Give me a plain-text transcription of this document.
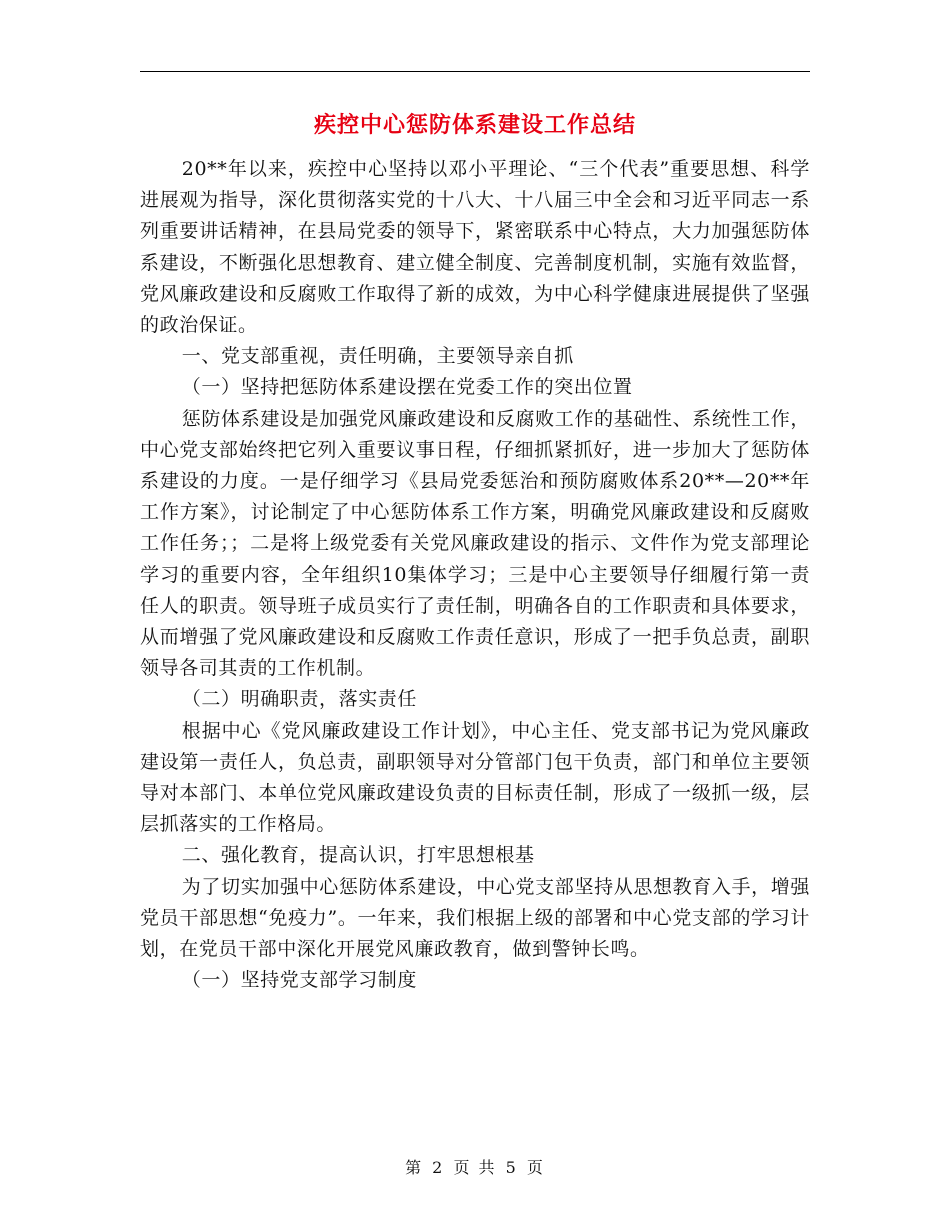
疾控中心惩防体系建设工作总结

20**年以来，疾控中心坚持以邓小平理论、“三个代表”重要思想、科学进展观为指导，深化贯彻落实党的十八大、十八届三中全会和习近平同志一系列重要讲话精神，在县局党委的领导下，紧密联系中心特点，大力加强惩防体系建设，不断强化思想教育、建立健全制度、完善制度机制，实施有效监督，党风廉政建设和反腐败工作取得了新的成效，为中心科学健康进展提供了坚强的政治保证。

一、党支部重视，责任明确，主要领导亲自抓

（一）坚持把惩防体系建设摆在党委工作的突出位置

惩防体系建设是加强党风廉政建设和反腐败工作的基础性、系统性工作，中心党支部始终把它列入重要议事日程，仔细抓紧抓好，进一步加大了惩防体系建设的力度。一是仔细学习《县局党委惩治和预防腐败体系20**—20**年工作方案》，讨论制定了中心惩防体系工作方案，明确党风廉政建设和反腐败工作任务；；二是将上级党委有关党风廉政建设的指示、文件作为党支部理论学习的重要内容，全年组织10集体学习；三是中心主要领导仔细履行第一责任人的职责。领导班子成员实行了责任制，明确各自的工作职责和具体要求，从而增强了党风廉政建设和反腐败工作责任意识，形成了一把手负总责，副职领导各司其责的工作机制。

（二）明确职责，落实责任

根据中心《党风廉政建设工作计划》，中心主任、党支部书记为党风廉政建设第一责任人，负总责，副职领导对分管部门包干负责，部门和单位主要领导对本部门、本单位党风廉政建设负责的目标责任制，形成了一级抓一级，层层抓落实的工作格局。

二、强化教育，提高认识，打牢思想根基

为了切实加强中心惩防体系建设，中心党支部坚持从思想教育入手，增强党员干部思想“免疫力”。一年来，我们根据上级的部署和中心党支部的学习计划，在党员干部中深化开展党风廉政教育，做到警钟长鸣。

（一）坚持党支部学习制度

第 2 页 共 5 页
